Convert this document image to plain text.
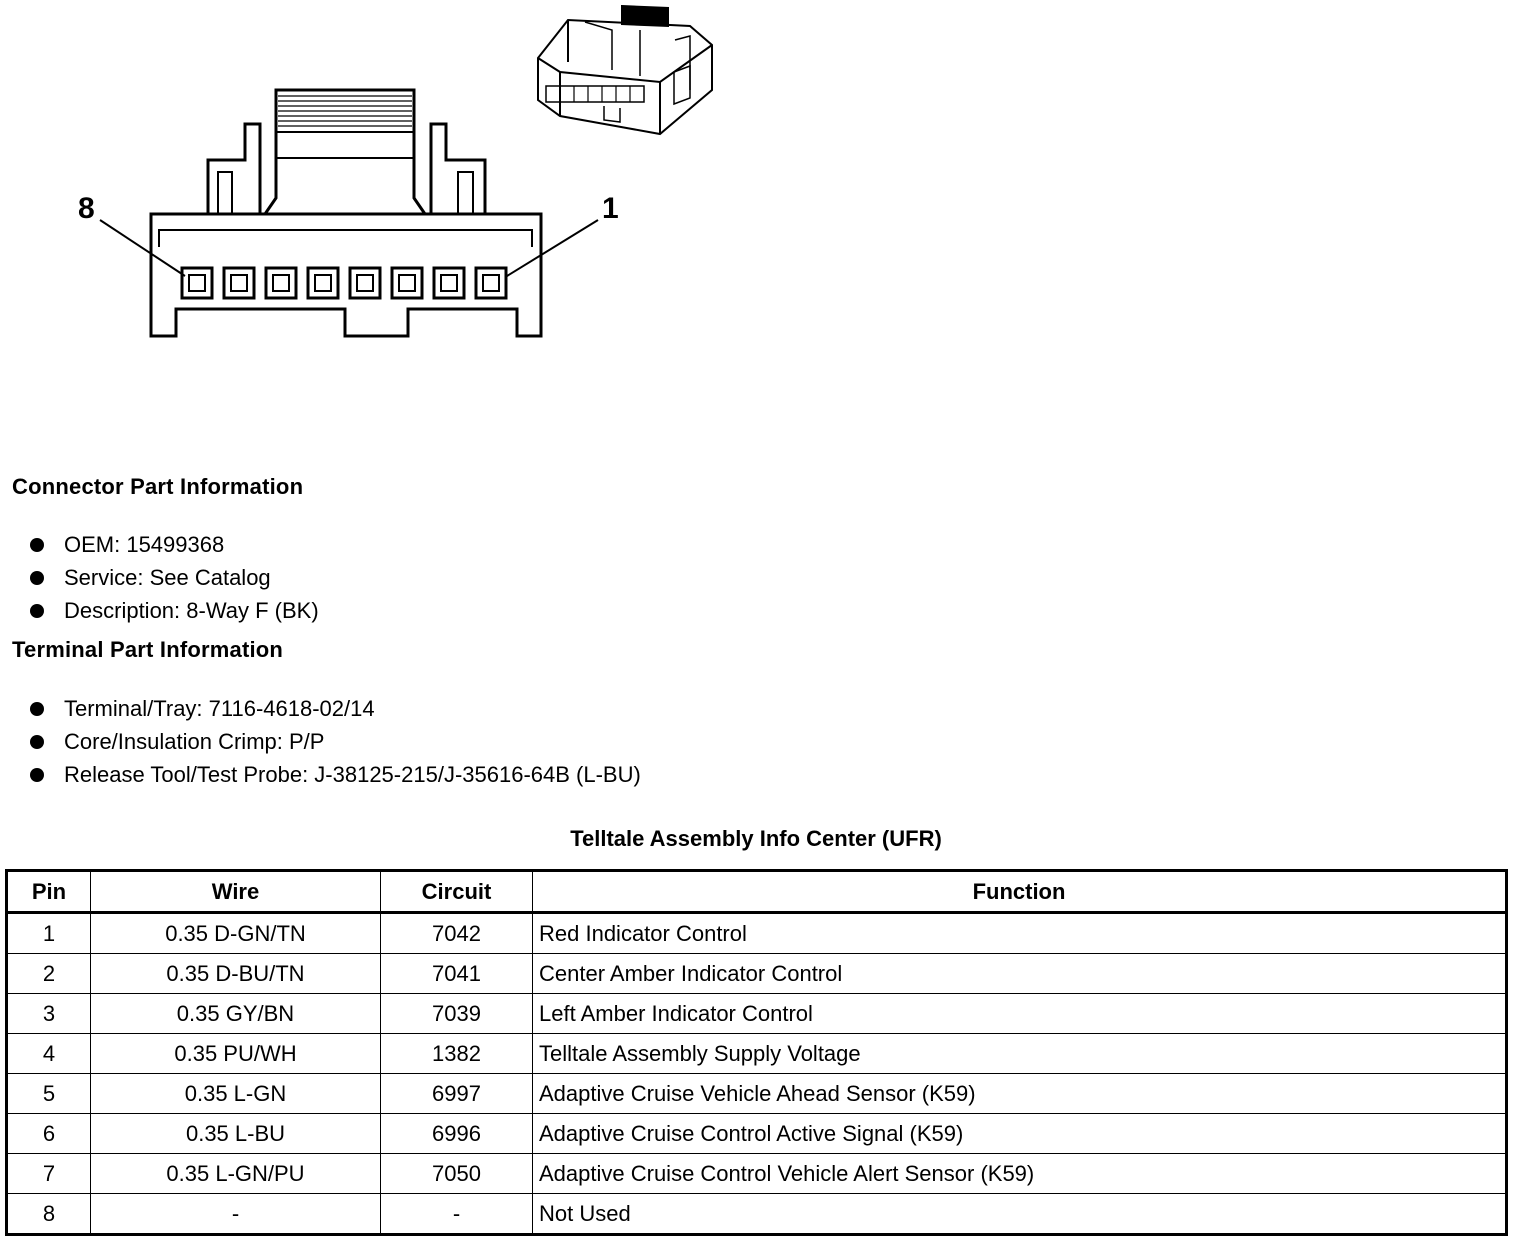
8	1
Connector Part Information
OEM: 15499368
Service: See Catalog
Description: 8-Way F (BK)
Terminal Part Information
Terminal/Tray: 7116-4618-02/14
Core/Insulation Crimp: P/P
Release Tool/Test Probe: J-38125-215/J-35616-64B (L-BU)
Telltale Assembly Info Center (UFR)
Pin	Wire	Circuit	Function
1	0.35 D-GN/TN	7042	Red Indicator Control
2	0.35 D-BU/TN	7041	Center Amber Indicator Control
3	0.35 GY/BN	7039	Left Amber Indicator Control
4	0.35 PU/WH	1382	Telltale Assembly Supply Voltage
5	0.35 L-GN	6997	Adaptive Cruise Vehicle Ahead Sensor (K59)
6	0.35 L-BU	6996	Adaptive Cruise Control Active Signal (K59)
7	0.35 L-GN/PU	7050	Adaptive Cruise Control Vehicle Alert Sensor (K59)
8	-	-	Not Used
